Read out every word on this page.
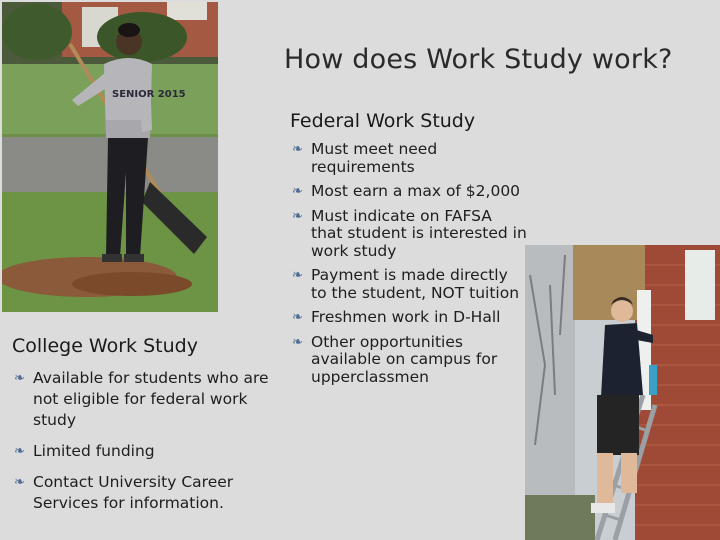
SENIOR 2015
How does Work Study work?
Federal Work Study
❧ Must meet need requirements
❧ Most earn a max of $2,000
❧ Must indicate on FAFSA that student is interested in work study
❧ Payment is made directly to the student, NOT tuition
❧ Freshmen work in D-Hall
❧ Other opportunities available on campus for upperclassmen
College Work Study
❧ Available for students who are not eligible for federal work study
❧ Limited funding
❧ Contact University Career Services for information.
